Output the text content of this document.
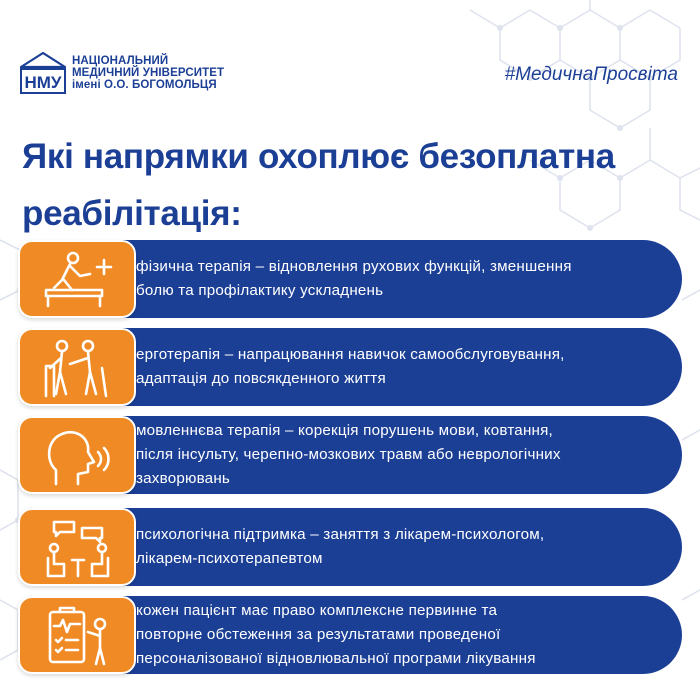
НМУ
НАЦІОНАЛЬНИЙ
МЕДИЧНИЙ УНІВЕРСИТЕТ
імені О.О. БОГОМОЛЬЦЯ	#МедичнаПросвіта
Які напрямки охоплює безоплатна
реабілітація:
фізична терапія – відновлення рухових функцій, зменшення
болю та профілактику ускладнень
ерготерапія – напрацювання навичок самообслуговування,
адаптація до повсякденного життя
мовленнєва терапія – корекція порушень мови, ковтання,
після інсульту, черепно-мозкових травм або неврологічних
захворювань
психологічна підтримка – заняття з лікарем-психологом,
лікарем-психотерапевтом
кожен пацієнт має право комплексне первинне та
повторне обстеження за результатами проведеної
персоналізованої відновлювальної програми лікування
